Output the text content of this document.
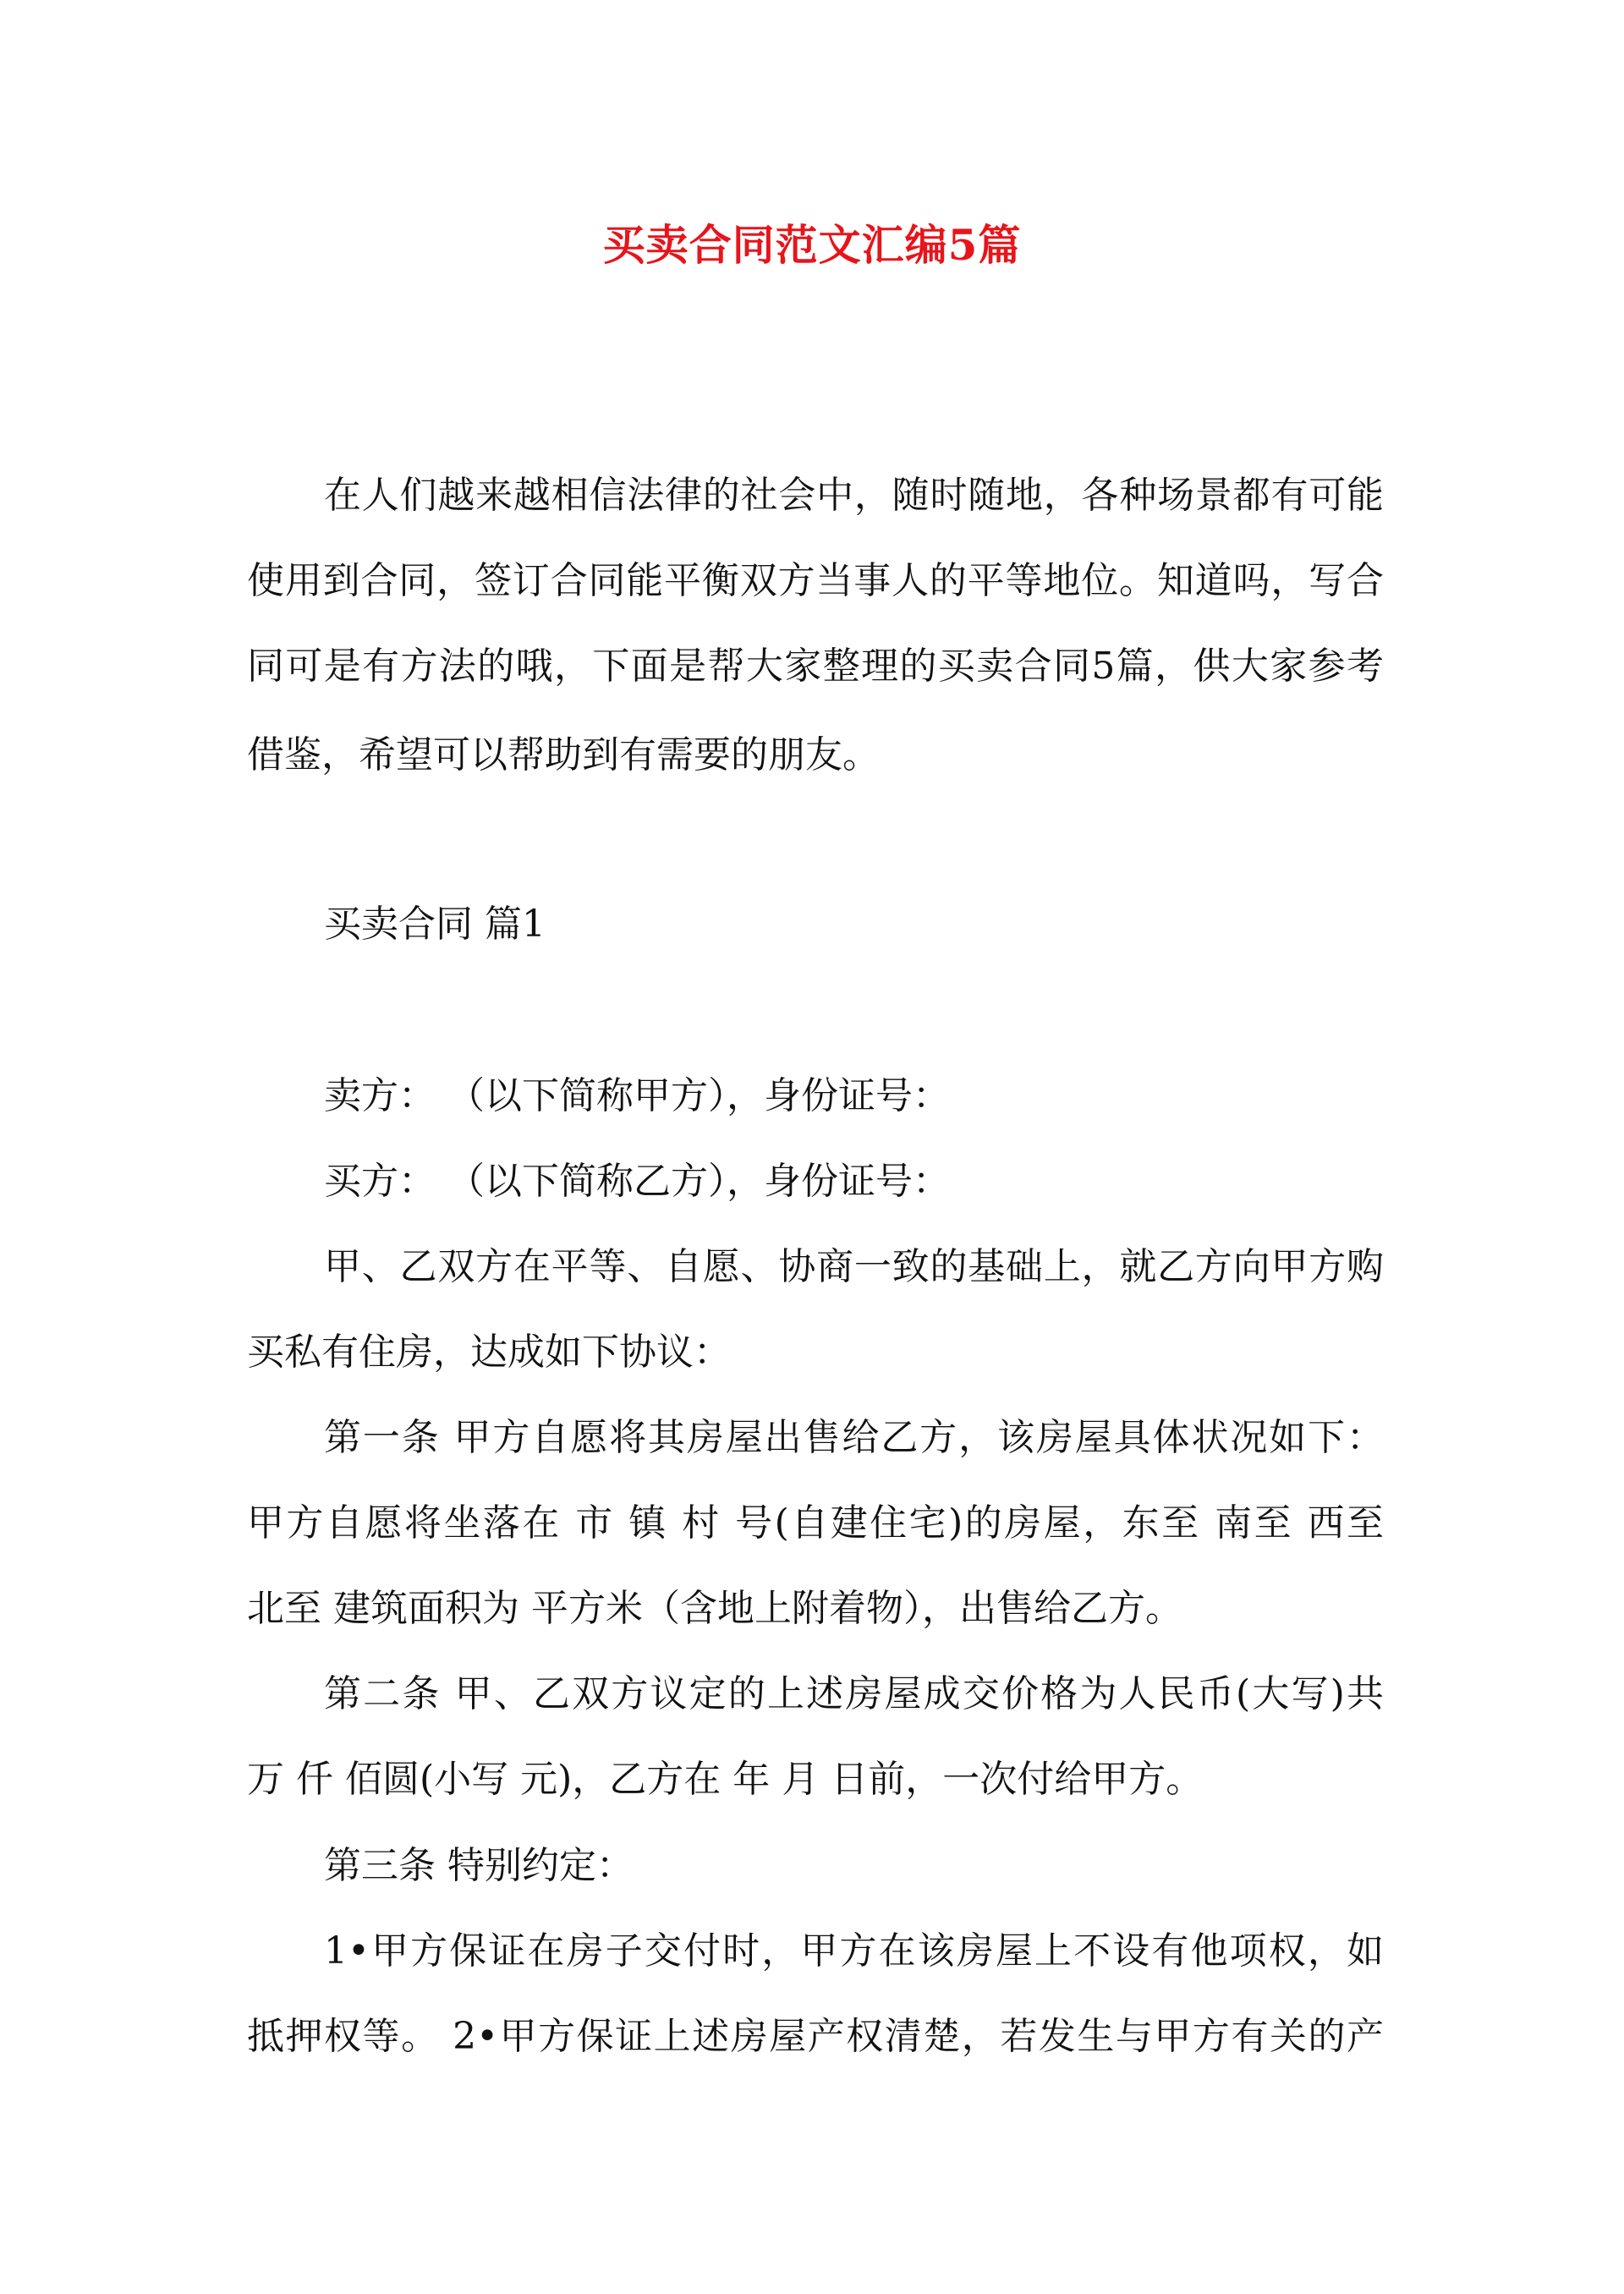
买卖合同范文汇编5篇
在人们越来越相信法律的社会中，随时随地，各种场景都有可能
使用到合同，签订合同能平衡双方当事人的平等地位。知道吗，写合
同可是有方法的哦，下面是帮大家整理的买卖合同5篇，供大家参考
借鉴，希望可以帮助到有需要的朋友。
买卖合同 篇1
卖方： （以下简称甲方），身份证号：
买方： （以下简称乙方），身份证号：
甲、乙双方在平等、自愿、协商一致的基础上，就乙方向甲方购
买私有住房，达成如下协议：
第一条 甲方自愿将其房屋出售给乙方，该房屋具体状况如下：
甲方自愿将坐落在 市 镇 村 号(自建住宅)的房屋，东至 南至 西至
北至 建筑面积为 平方米（含地上附着物），出售给乙方。
第二条 甲、乙双方议定的上述房屋成交价格为人民币(大写)共
万 仟 佰圆(小写 元)，乙方在 年 月 日前，一次付给甲方。
第三条 特别约定：
1•甲方保证在房子交付时，甲方在该房屋上不设有他项权，如
抵押权等。 2•甲方保证上述房屋产权清楚，若发生与甲方有关的产
